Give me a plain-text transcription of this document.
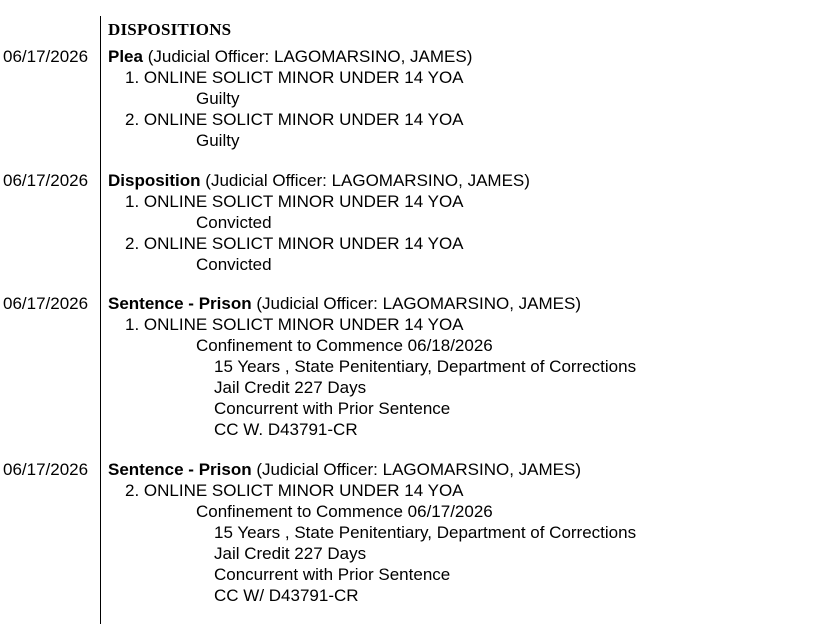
DISPOSITIONS
06/17/2026 Plea (Judicial Officer: LAGOMARSINO, JAMES)
1. ONLINE SOLICT MINOR UNDER 14 YOA
Guilty
2. ONLINE SOLICT MINOR UNDER 14 YOA
Guilty
06/17/2026 Disposition (Judicial Officer: LAGOMARSINO, JAMES)
1. ONLINE SOLICT MINOR UNDER 14 YOA
Convicted
2. ONLINE SOLICT MINOR UNDER 14 YOA
Convicted
06/17/2026 Sentence - Prison (Judicial Officer: LAGOMARSINO, JAMES)
1. ONLINE SOLICT MINOR UNDER 14 YOA
Confinement to Commence 06/18/2026
15 Years , State Penitentiary, Department of Corrections
Jail Credit 227 Days
Concurrent with Prior Sentence
CC W. D43791-CR
06/17/2026 Sentence - Prison (Judicial Officer: LAGOMARSINO, JAMES)
2. ONLINE SOLICT MINOR UNDER 14 YOA
Confinement to Commence 06/17/2026
15 Years , State Penitentiary, Department of Corrections
Jail Credit 227 Days
Concurrent with Prior Sentence
CC W/ D43791-CR
